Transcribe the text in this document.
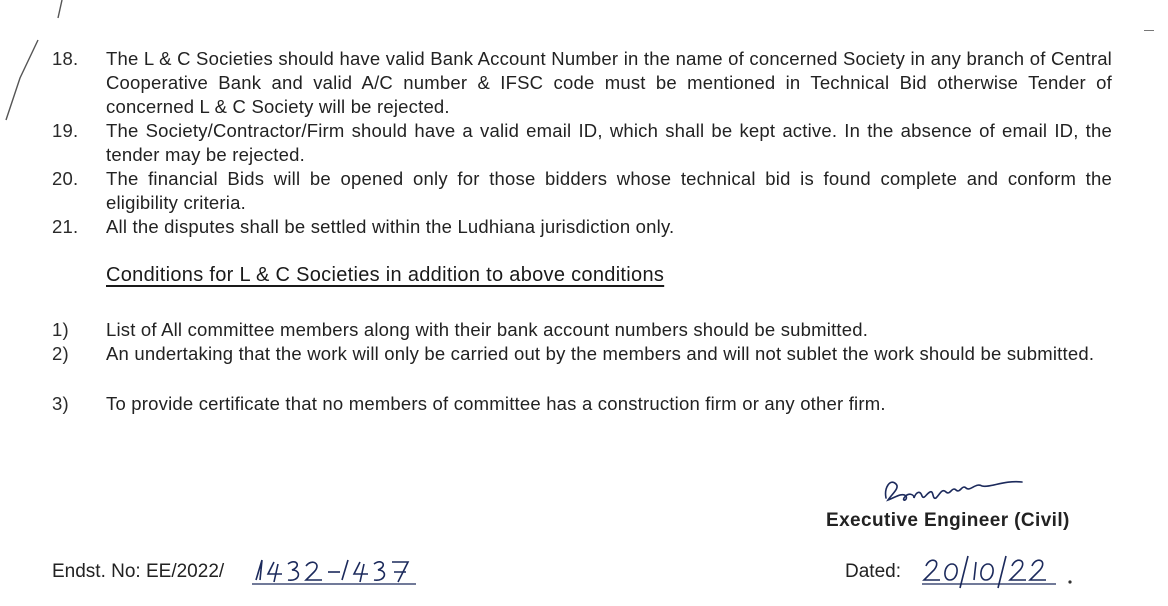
18.	The L & C Societies should have valid Bank Account Number in the name of concerned Society in any branch of Central Cooperative Bank and valid A/C number & IFSC code must be mentioned in Technical Bid otherwise Tender of concerned L & C Society will be rejected.
19.	The Society/Contractor/Firm should have a valid email ID, which shall be kept active. In the absence of email ID, the tender may be rejected.
20.	The financial Bids will be opened only for those bidders whose technical bid is found complete and conform the eligibility criteria.
21.	All the disputes shall be settled within the Ludhiana jurisdiction only.
Conditions for L & C Societies in addition to above conditions
1)	List of All committee members along with their bank account numbers should be submitted.
2)	An undertaking that the work will only be carried out by the members and will not sublet the work should be submitted.
3)	To provide certificate that no members of committee has a construction firm or any other firm.
Executive Engineer (Civil)
Endst. No: EE/2022/	Dated:
